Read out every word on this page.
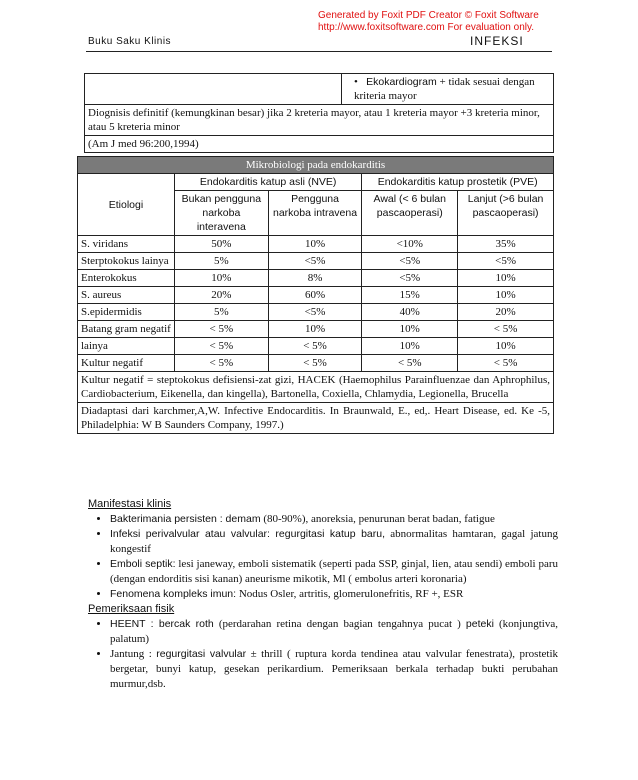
Generated by Foxit PDF Creator © Foxit Software
http://www.foxitsoftware.com For evaluation only.
Buku Saku Klinis	INFEKSI
	• Ekokardiogram + tidak sesuai dengan kriteria mayor
Diognisis definitif (kemungkinan besar) jika 2 kreteria mayor, atau 1 kreteria mayor +3 kreteria minor, atau 5 kreteria minor
(Am J med 96:200,1994)
Mikrobiologi pada endokarditis				
Etiologi	Endokarditis katup asli (NVE)		Endokarditis katup prostetik (PVE)	
	Bukan pengguna narkoba interavena	Pengguna narkoba intravena	Awal (< 6 bulan pascaoperasi)	Lanjut (>6 bulan pascaoperasi)
S. viridans	50%	10%	<10%	35%
Sterptokokus lainya	5%	<5%	<5%	<5%
Enterokokus	10%	8%	<5%	10%
S. aureus	20%	60%	15%	10%
S.epidermidis	5%	<5%	40%	20%
Batang gram negatif	< 5%	10%	10%	< 5%
lainya	< 5%	< 5%	10%	10%
Kultur negatif	< 5%	< 5%	< 5%	< 5%
Kultur negatif = steptokokus defisiensi-zat gizi, HACEK (Haemophilus Parainfluenzae dan Aphrophilus, Cardiobacterium, Eikenella, dan kingella), Bartonella, Coxiella, Chlamydia, Legionella, Brucella				
Diadaptasi dari karchmer,A,W. Infective Endocarditis. In Braunwald, E., ed,. Heart Disease, ed. Ke -5, Philadelphia: W B Saunders Company, 1997.)				
Manifestasi klinis
• Bakterimania persisten : demam (80-90%), anoreksia, penurunan berat badan, fatigue
• Infeksi perivalvular atau valvular: regurgitasi katup baru, abnormalitas hamtaran, gagal jatung kongestif
• Emboli septik: lesi janeway, emboli sistematik (seperti pada SSP, ginjal, lien, atau sendi) emboli paru (dengan endorditis sisi kanan) aneurisme mikotik, Ml ( embolus arteri koronaria)
• Fenomena kompleks imun: Nodus Osler, artritis, glomerulonefritis, RF +, ESR
Pemeriksaan fisik
• HEENT : bercak roth (perdarahan retina dengan bagian tengahnya pucat ) peteki (konjungtiva, palatum)
• Jantung : regurgitasi valvular ± thrill ( ruptura korda tendinea atau valvular fenestrata), prostetik bergetar, bunyi katup, gesekan perikardium. Pemeriksaan berkala terhadap bukti perubahan murmur,dsb.
